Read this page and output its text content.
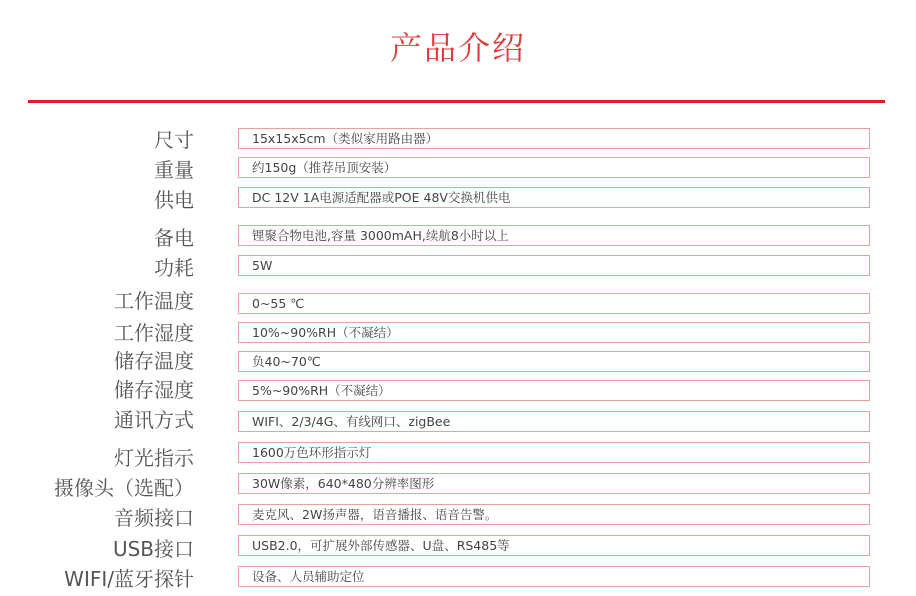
产品介绍
尺寸	15x15x5cm（类似家用路由器）
重量	约150g（推荐吊顶安装）
供电	DC 12V 1A电源适配器或POE 48V交换机供电
备电	锂聚合物电池,容量 3000mAH,续航8小时以上
功耗	5W
工作温度	0~55 ℃
工作湿度	10%~90%RH（不凝结）
储存温度	负40~70℃
储存湿度	5%~90%RH（不凝结）
通讯方式	WIFI、2/3/4G、有线网口、zigBee
灯光指示	1600万色环形指示灯
摄像头（选配）	30W像素，640*480分辨率图形
音频接口	麦克风、2W扬声器，语音播报、语音告警。
USB接口	USB2.0，可扩展外部传感器、U盘、RS485等
WIFI/蓝牙探针	设备、人员辅助定位
